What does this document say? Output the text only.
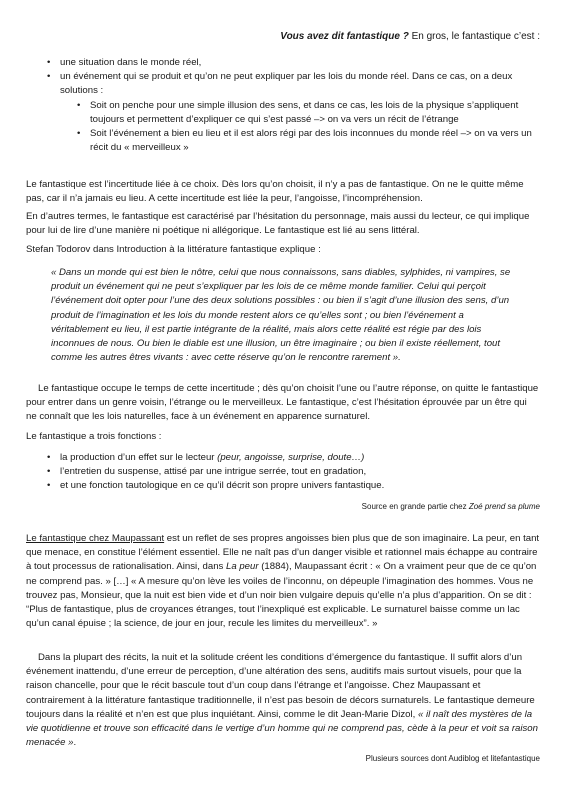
Vous avez dit fantastique ? En gros, le fantastique c’est :

• une situation dans le monde réel,
• un événement qui se produit et qu’on ne peut expliquer par les lois du monde réel. Dans ce cas, on a deux solutions :
• Soit on penche pour une simple illusion des sens, et dans ce cas, les lois de la physique s’appliquent toujours et permettent d’expliquer ce qui s’est passé –> on va vers un récit de l’étrange
• Soit l’événement a bien eu lieu et il est alors régi par des lois inconnues du monde réel –> on va vers un récit du « merveilleux »

Le fantastique est l’incertitude liée à ce choix. Dès lors qu’on choisit, il n’y a pas de fantastique. On ne le quitte même pas, car il n’a jamais eu lieu. A cette incertitude est liée la peur, l’angoisse, l’incompréhension.

En d’autres termes, le fantastique est caractérisé par l’hésitation du personnage, mais aussi du lecteur, ce qui implique pour lui de lire d’une manière ni poétique ni allégorique. Le fantastique est lié au sens littéral.

Stefan Todorov dans Introduction à la littérature fantastique explique :

« Dans un monde qui est bien le nôtre, celui que nous connaissons, sans diables, sylphides, ni vampires, se produit un événement qui ne peut s’expliquer par les lois de ce même monde familier. Celui qui perçoit l’événement doit opter pour l’une des deux solutions possibles : ou bien il s’agit d’une illusion des sens, d’un produit de l’imagination et les lois du monde restent alors ce qu’elles sont ; ou bien l’événement a véritablement eu lieu, il est partie intégrante de la réalité, mais alors cette réalité est régie par des lois inconnues de nous. Ou bien le diable est une illusion, un être imaginaire ; ou bien il existe réellement, tout comme les autres êtres vivants : avec cette réserve qu’on le rencontre rarement ».

Le fantastique occupe le temps de cette incertitude ; dès qu’on choisit l’une ou l’autre réponse, on quitte le fantastique pour entrer dans un genre voisin, l’étrange ou le merveilleux. Le fantastique, c’est l’hésitation éprouvée par un être qui ne connaît que les lois naturelles, face à un événement en apparence surnaturel.

Le fantastique a trois fonctions :

• la production d’un effet sur le lecteur (peur, angoisse, surprise, doute…)
• l’entretien du suspense, attisé par une intrigue serrée, tout en gradation,
• et une fonction tautologique en ce qu’il décrit son propre univers fantastique.

Source en grande partie chez Zoé prend sa plume

Le fantastique chez Maupassant est un reflet de ses propres angoisses bien plus que de son imaginaire. La peur, en tant que menace, en constitue l’élément essentiel. Elle ne naît pas d’un danger visible et rationnel mais échappe au contraire à tout processus de rationalisation. Ainsi, dans La peur (1884), Maupassant écrit : « On a vraiment peur que de ce qu’on ne comprend pas. » […] « A mesure qu’on lève les voiles de l’inconnu, on dépeuple l’imagination des hommes. Vous ne trouvez pas, Monsieur, que la nuit est bien vide et d’un noir bien vulgaire depuis qu’elle n’a plus d’apparition. On se dit : “Plus de fantastique, plus de croyances étranges, tout l’inexpliqué est explicable. Le surnaturel baisse comme un lac qu’un canal épuise ; la science, de jour en jour, recule les limites du merveilleux”. »

Dans la plupart des récits, la nuit et la solitude créent les conditions d’émergence du fantastique. Il suffit alors d’un événement inattendu, d’une erreur de perception, d’une altération des sens, auditifs mais surtout visuels, pour que la raison chancelle, pour que le récit bascule tout d’un coup dans l’étrange et l’angoisse. Chez Maupassant et contrairement à la littérature fantastique traditionnelle, il n’est pas besoin de décors surnaturels. Le fantastique demeure toujours dans la réalité et n’en est que plus inquiétant. Ainsi, comme le dit Jean-Marie Dizol, « il naît des mystères de la vie quotidienne et trouve son efficacité dans le vertige d’un homme qui ne comprend pas, cède à la peur et voit sa raison menacée ».

Plusieurs sources dont Audiblog et litefantastique
